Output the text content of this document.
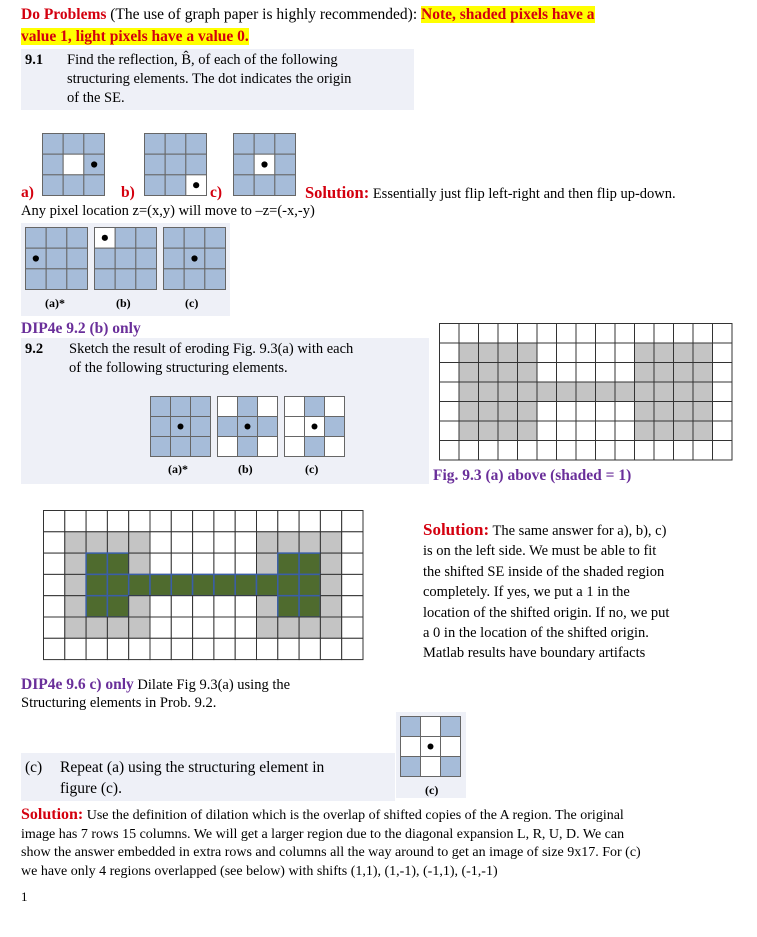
Do Problems (The use of graph paper is highly recommended): Note, shaded pixels have a
value 1, light pixels have a value 0.
9.1 Find the reflection, B̂, of each of the following
structuring elements. The dot indicates the origin
of the SE.
a)	b)	c)	Solution: Essentially just flip left-right and then flip up-down.
Any pixel location z=(x,y) will move to –z=(-x,-y)
(a)*	(b)	(c)
DIP4e 9.2 (b) only
9.2 Sketch the result of eroding Fig. 9.3(a) with each
of the following structuring elements.
(a)*	(b)	(c)	Fig. 9.3 (a) above (shaded = 1)
Solution: The same answer for a), b), c)
is on the left side. We must be able to fit
the shifted SE inside of the shaded region
completely. If yes, we put a 1 in the
location of the shifted origin. If no, we put
a 0 in the location of the shifted origin.
Matlab results have boundary artifacts
DIP4e 9.6 c) only Dilate Fig 9.3(a) using the
Structuring elements in Prob. 9.2.
(c) Repeat (a) using the structuring element in
figure (c).	(c)
Solution: Use the definition of dilation which is the overlap of shifted copies of the A region. The original
image has 7 rows 15 columns. We will get a larger region due to the diagonal expansion L, R, U, D. We can
show the answer embedded in extra rows and columns all the way around to get an image of size 9x17. For (c)
we have only 4 regions overlapped (see below) with shifts (1,1), (1,-1), (-1,1), (-1,-1)
1
